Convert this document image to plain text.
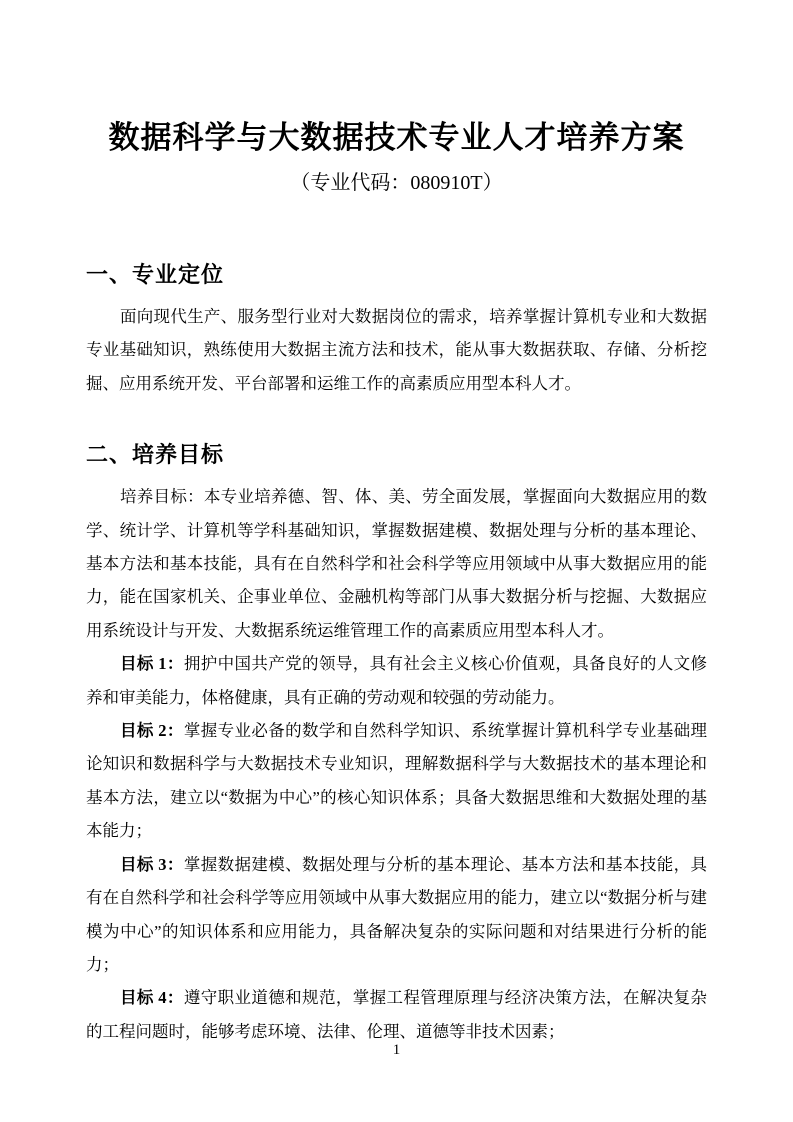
数据科学与大数据技术专业人才培养方案
（专业代码：080910T）
一、专业定位

面向现代生产、服务型行业对大数据岗位的需求，培养掌握计算机专业和大数据专业基础知识，熟练使用大数据主流方法和技术，能从事大数据获取、存储、分析挖掘、应用系统开发、平台部署和运维工作的高素质应用型本科人才。

二、培养目标

培养目标：本专业培养德、智、体、美、劳全面发展，掌握面向大数据应用的数学、统计学、计算机等学科基础知识，掌握数据建模、数据处理与分析的基本理论、基本方法和基本技能，具有在自然科学和社会科学等应用领域中从事大数据应用的能力，能在国家机关、企事业单位、金融机构等部门从事大数据分析与挖掘、大数据应用系统设计与开发、大数据系统运维管理工作的高素质应用型本科人才。

目标 1：拥护中国共产党的领导，具有社会主义核心价值观，具备良好的人文修养和审美能力，体格健康，具有正确的劳动观和较强的劳动能力。

目标 2：掌握专业必备的数学和自然科学知识、系统掌握计算机科学专业基础理论知识和数据科学与大数据技术专业知识，理解数据科学与大数据技术的基本理论和基本方法，建立以“数据为中心”的核心知识体系；具备大数据思维和大数据处理的基本能力；

目标 3：掌握数据建模、数据处理与分析的基本理论、基本方法和基本技能，具有在自然科学和社会科学等应用领域中从事大数据应用的能力，建立以“数据分析与建模为中心”的知识体系和应用能力，具备解决复杂的实际问题和对结果进行分析的能力；

目标 4：遵守职业道德和规范，掌握工程管理原理与经济决策方法，在解决复杂的工程问题时，能够考虑环境、法律、伦理、道德等非技术因素；

1
